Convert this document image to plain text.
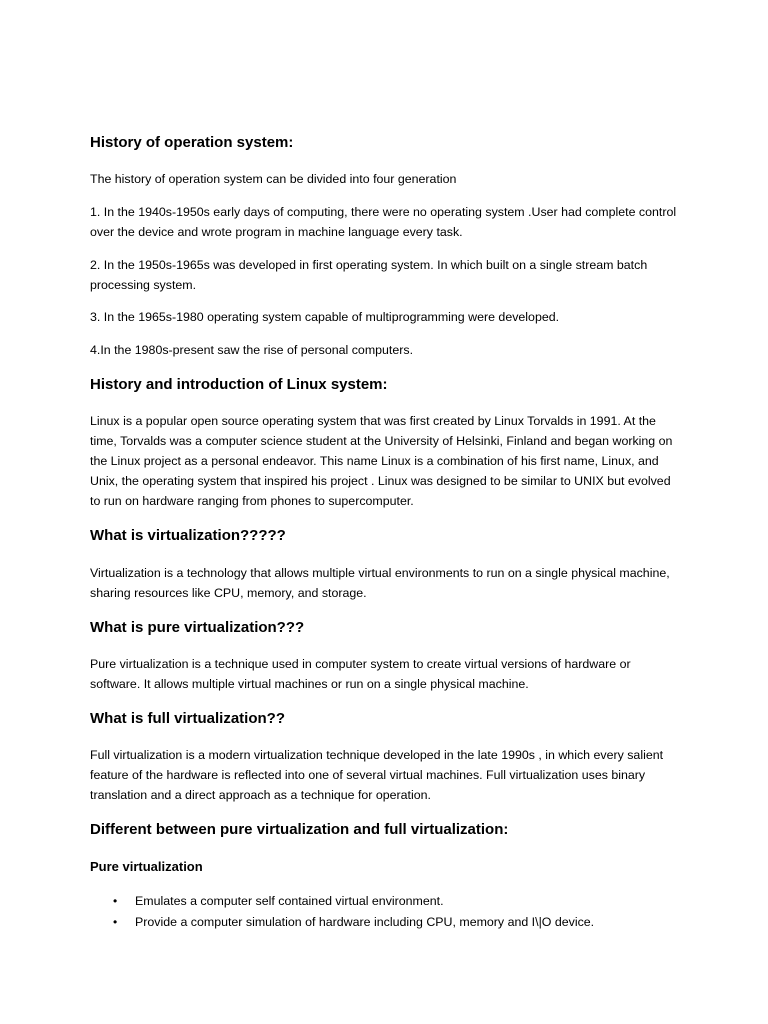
History of operation system:

The history of operation system can be divided into four generation

1. In the 1940s-1950s early days of computing, there were no operating system .User had complete control over the device and wrote program in machine language every task.

2. In the 1950s-1965s was developed in first operating system. In which built on a single stream batch processing system.

3. In the 1965s-1980 operating system capable of multiprogramming were developed.

4.In the 1980s-present saw the rise of personal computers.

History and introduction of Linux system:

Linux is a popular open source operating system that was first created by Linux Torvalds in 1991. At the time, Torvalds was a computer science student at the University of Helsinki, Finland and began working on the Linux project as a personal endeavor. This name Linux is a combination of his first name, Linux, and Unix, the operating system that inspired his project . Linux was designed to be similar to UNIX but evolved to run on hardware ranging from phones to supercomputer.

What is virtualization?????

Virtualization is a technology that allows multiple virtual environments to run on a single physical machine, sharing resources like CPU, memory, and storage.

What is pure virtualization???

Pure virtualization is a technique used in computer system to create virtual versions of hardware or software. It allows multiple virtual machines or run on a single physical machine.

What is full virtualization??

Full virtualization is a modern virtualization technique developed in the late 1990s , in which every salient feature of the hardware is reflected into one of several virtual machines. Full virtualization uses binary translation and a direct approach as a technique for operation.

Different between pure virtualization and full virtualization:
Pure virtualization
• Emulates a computer self contained virtual environment.
• Provide a computer simulation of hardware including CPU, memory and I\|O device.
